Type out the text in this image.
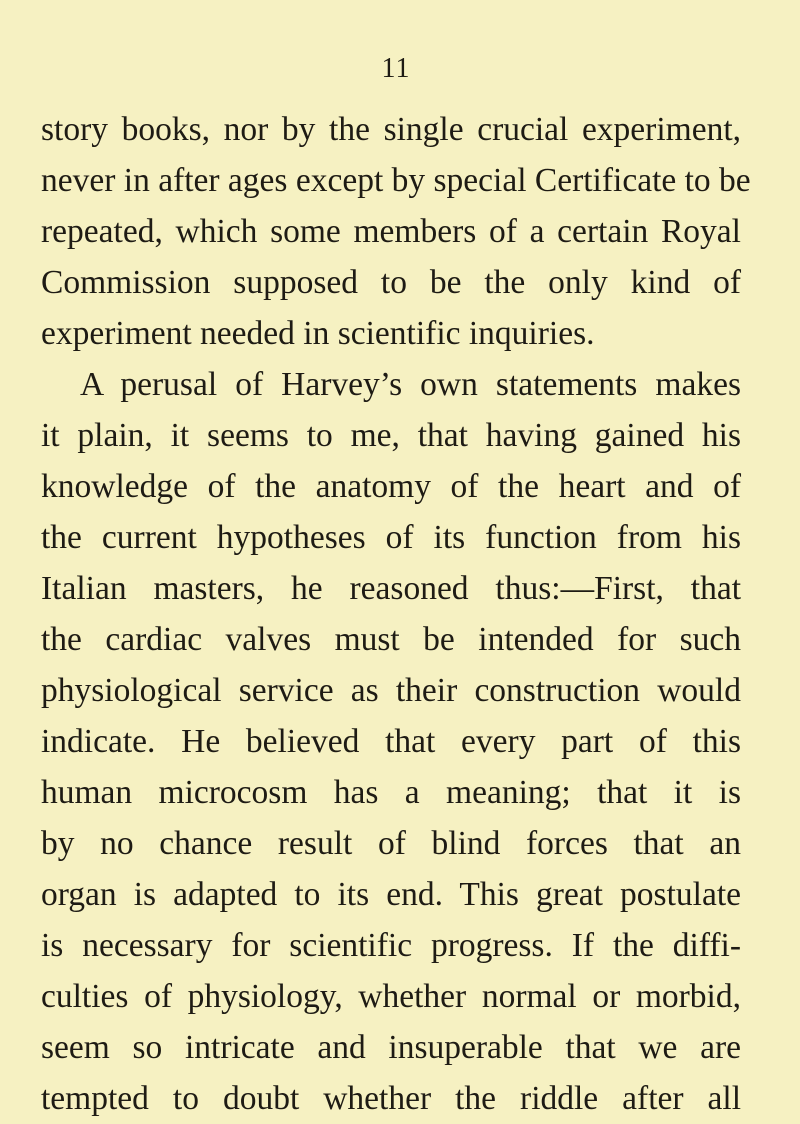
11
story books, nor by the single crucial experiment,
never in after ages except by special Certificate to be
repeated, which some members of a certain Royal
Commission supposed to be the only kind of
experiment needed in scientific inquiries.
A perusal of Harvey’s own statements makes
it plain, it seems to me, that having gained his
knowledge of the anatomy of the heart and of
the current hypotheses of its function from his
Italian masters, he reasoned thus:—First, that
the cardiac valves must be intended for such
physiological service as their construction would
indicate. He believed that every part of this
human microcosm has a meaning; that it is
by no chance result of blind forces that an
organ is adapted to its end. This great postulate
is necessary for scientific progress. If the diffi-
culties of physiology, whether normal or morbid,
seem so intricate and insuperable that we are
tempted to doubt whether the riddle after all
